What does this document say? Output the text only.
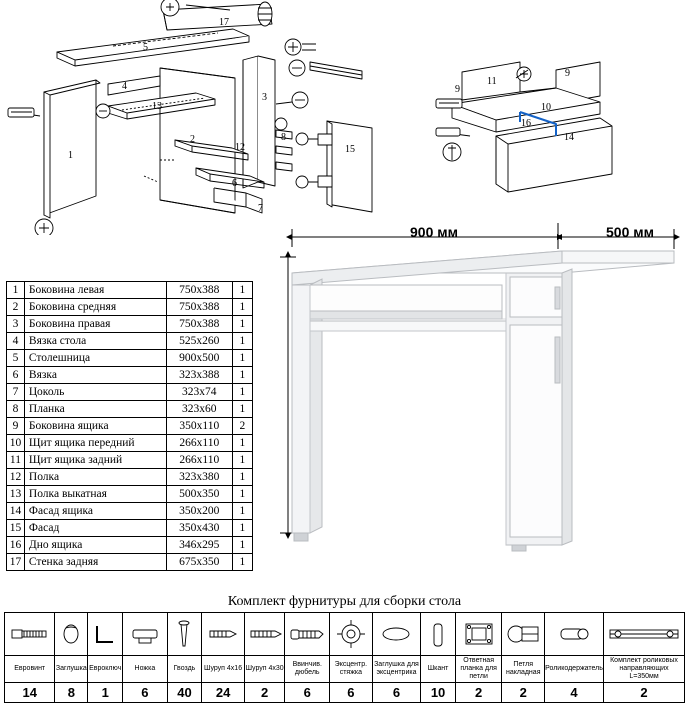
17
5
4
13
1
2
3
12
6
7
8
15
11
9
9
10
16
14
1	Боковина левая	750x388	1
2	Боковина средняя	750x388	1
3	Боковина правая	750x388	1
4	Вязка стола	525x260	1
5	Столешница	900x500	1
6	Вязка	323x388	1
7	Цоколь	323x74	1
8	Планка	323x60	1
9	Боковина ящика	350x110	2
10	Щит ящика передний	266x110	1
11	Щит ящика задний	266x110	1
12	Полка	323x380	1
13	Полка выкатная	500x350	1
14	Фасад ящика	350x200	1
15	Фасад	350x430	1
16	Дно ящика	346x295	1
17	Стенка задняя	675x350	1
900 мм	500 мм
Комплект фурнитуры для сборки стола

Евровинт	Заглушка	Евроключ	Ножка	Гвоздь	Шуруп 4x16	Шуруп 4x30	Ввинчив. дюбель	Эксцентр. стяжка	Заглушка для эксцентрика	Шкант	Ответная планка для петли	Петля накладная	Роликодержатель	Комплект роликовых направляющих L=350мм
14	8	1	6	40	24	2	6	6	6	10	2	2	4	2
